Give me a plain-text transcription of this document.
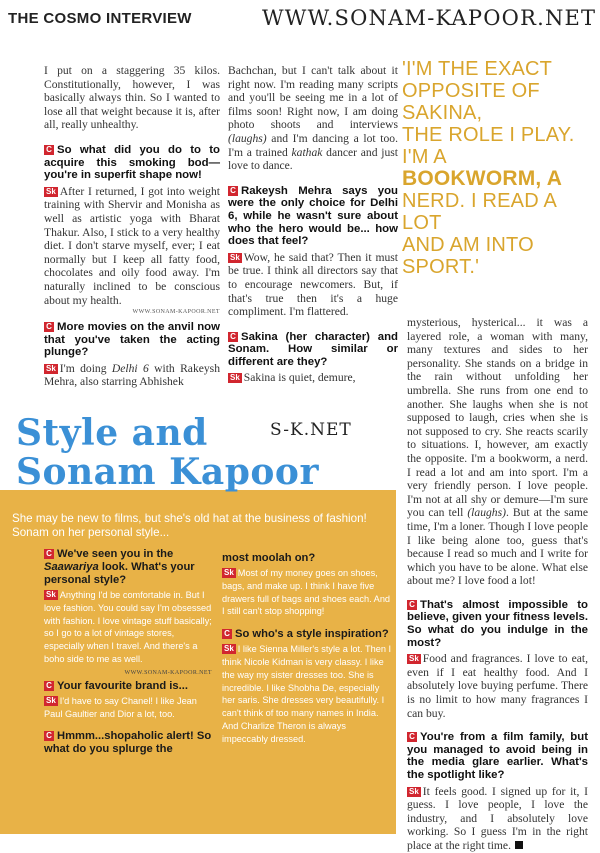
THE COSMO INTERVIEW	WWW.SONAM-KAPOOR.NET
I put on a staggering 35 kilos. Constitutionally, however, I was basically always thin. So I wanted to lose all that weight because it is, after all, really unhealthy.
C So what did you do to to acquire this smoking bod—you're in superfit shape now!
Sk After I returned, I got into weight training with Shervir and Monisha as well as artistic yoga with Bharat Thakur. Also, I stick to a very healthy diet. I don't starve myself, ever; I eat normally but I keep all fatty food, chocolates and oily food away. I'm naturally inclined to be conscious about my health.
WWW.SONAM-KAPOOR.NET
C More movies on the anvil now that you've taken the acting plunge?
Sk I'm doing Delhi 6 with Rakeysh Mehra, also starring Abhishek
Bachchan, but I can't talk about it right now. I'm reading many scripts and you'll be seeing me in a lot of films soon! Right now, I am doing photo shoots and interviews (laughs) and I'm dancing a lot too. I'm a trained kathak dancer and just love to dance.
C Rakeysh Mehra says you were the only choice for Delhi 6, while he wasn't sure about who the hero would be... how does that feel?
Sk Wow, he said that? Then it must be true. I think all directors say that to encourage newcomers. But, if that's true then it's a huge compliment. I'm flattered.
C Sakina (her character) and Sonam. How similar or different are they?
Sk Sakina is quiet, demure,
'I'M THE EXACT
OPPOSITE OF SAKINA,
THE ROLE I PLAY. I'M A
BOOKWORM, A
NERD. I READ A LOT
AND AM INTO SPORT.'
mysterious, hysterical... it was a layered role, a woman with many, many textures and sides to her personality. She stands on a bridge in the rain without unfolding her umbrella. She runs from one end to another. She laughs when she is not supposed to laugh, cries when she is not supposed to cry. She reacts scarily to situations. I, however, am exactly the opposite. I'm a bookworm, a nerd. I read a lot and am into sport. I'm a very friendly person. I love people. I'm not at all shy or demure—I'm sure you can tell (laughs). But at the same time, I'm a loner. Though I love people I like being alone too, guess that's because I read so much and I write for which you have to be alone. What else about me? I love food a lot!
C That's almost impossible to believe, given your fitness levels. So what do you indulge in the most?
Sk Food and fragrances. I love to eat, even if I eat healthy food. And I absolutely love buying perfume. There is no limit to how many fragrances I can buy.
C You're from a film family, but you managed to avoid being in the media glare earlier. What's the spotlight like?
Sk It feels good. I signed up for it, I guess. I love people, I love the industry, and I absolutely love working. So I guess I'm in the right place at the right time.
Style and
Sonam Kapoor
S-K.NET
She may be new to films, but she's old hat at the business of fashion! Sonam on her personal style...
C We've seen you in the Saawariya look. What's your personal style?
Sk Anything I'd be comfortable in. But I love fashion. You could say I'm obsessed with fashion. I love vintage stuff basically; so I go to a lot of vintage stores, especially when I travel. And there's a boho side to me as well.
WWW.SONAM-KAPOOR.NET
C Your favourite brand is...
Sk I'd have to say Chanel! I like Jean Paul Gaultier and Dior a lot, too.
C Hmmm...shopaholic alert! So what do you splurge the
most moolah on?
Sk Most of my money goes on shoes, bags, and make up. I think I have five drawers full of bags and shoes each. And I still can't stop shopping!
C So who's a style inspiration?
Sk I like Sienna Miller's style a lot. Then I think Nicole Kidman is very classy. I like the way my sister dresses too. She is incredible. I like Shobha De, especially her saris. She dresses very beautifully. I can't think of too many names in India. And Charlize Theron is always impeccably dressed.
